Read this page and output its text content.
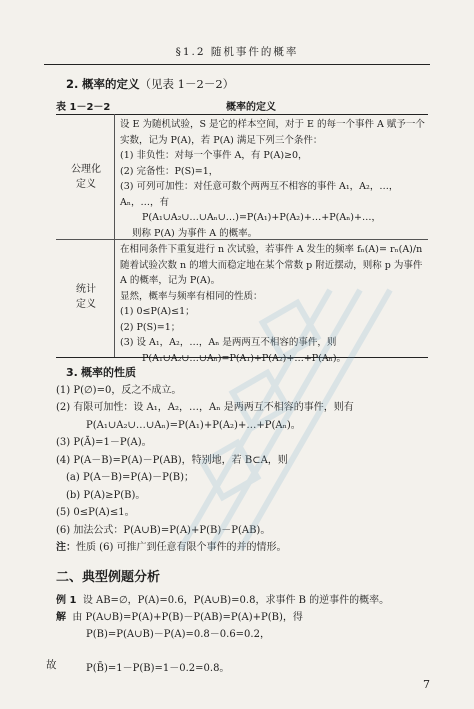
§1.2 随机事件的概率
2. 概率的定义（见表 1－2－2）
表 1－2－2	概率的定义
公理化
定义
设 E 为随机试验，S 是它的样本空间，对于 E 的每一个事件 A 赋予一个
实数，记为 P(A)，若 P(A) 满足下列三个条件：
(1) 非负性：对每一个事件 A，有 P(A)≥0，
(2) 完备性：P(S)=1，
(3) 可列可加性：对任意可数个两两互不相容的事件 A₁，A₂，…，
Aₙ，…，有
P(A₁∪A₂∪…∪Aₙ∪…)=P(A₁)+P(A₂)+…+P(Aₙ)+…，
则称 P(A) 为事件 A 的概率。
统计
定义
在相同条件下重复进行 n 次试验，若事件 A 发生的频率 fₙ(A)= rₙ(A)/n
随着试验次数 n 的增大而稳定地在某个常数 p 附近摆动，则称 p 为事件
A 的概率，记为 P(A)。
显然，概率与频率有相同的性质：
(1) 0≤P(A)≤1；
(2) P(S)=1；
(3) 设 A₁，A₂，…，Aₙ 是两两互不相容的事件，则
P(A₁∪A₂∪…∪Aₙ)=P(A₁)+P(A₂)+…+P(Aₙ)。
3. 概率的性质
(1) P(∅)=0，反之不成立。
(2) 有限可加性：设 A₁，A₂，…，Aₙ 是两两互不相容的事件，则有
P(A₁∪A₂∪…∪Aₙ)=P(A₁)+P(A₂)+…+P(Aₙ)。
(3) P(Ā)=1－P(A)。
(4) P(A－B)=P(A)－P(AB)，特别地，若 B⊂A，则
(a) P(A－B)=P(A)－P(B)；
(b) P(A)≥P(B)。
(5) 0≤P(A)≤1。
(6) 加法公式：P(A∪B)=P(A)+P(B)－P(AB)。
注：性质 (6) 可推广到任意有限个事件的并的情形。
二、典型例题分析
例 1 设 AB=∅，P(A)=0.6，P(A∪B)=0.8，求事件 B 的逆事件的概率。
解 由 P(A∪B)=P(A)+P(B)－P(AB)=P(A)+P(B)，得
P(B)=P(A∪B)－P(A)=0.8－0.6=0.2，
P(B̄)=1－P(B)=1－0.2=0.8。
故
7
